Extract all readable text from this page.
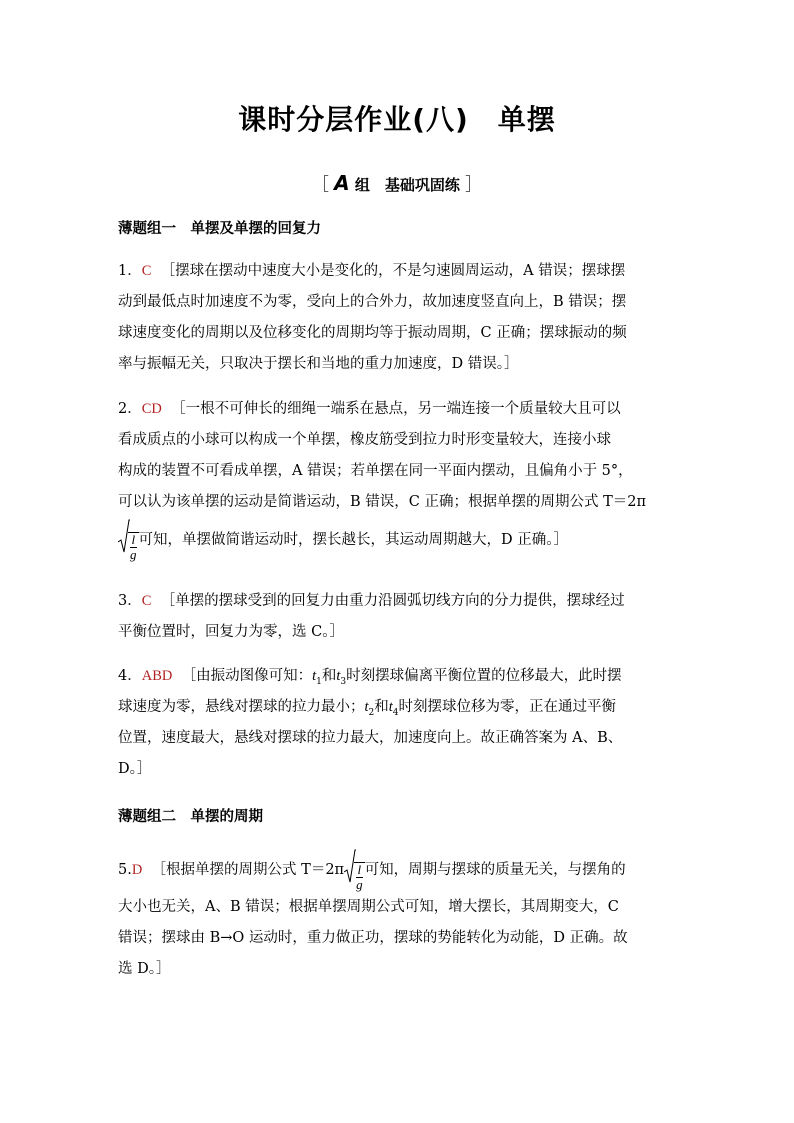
课时分层作业(八)　单摆
［ A 组　基础巩固练 ］
薄题组一　单摆及单摆的回复力
1．C ［摆球在摆动中速度大小是变化的，不是匀速圆周运动，A 错误；摆球摆
动到最低点时加速度不为零，受向上的合外力，故加速度竖直向上，B 错误；摆
球速度变化的周期以及位移变化的周期均等于振动周期，C 正确；摆球振动的频
率与振幅无关，只取决于摆长和当地的重力加速度，D 错误。］
2．CD ［一根不可伸长的细绳一端系在悬点，另一端连接一个质量较大且可以
看成质点的小球可以构成一个单摆，橡皮筋受到拉力时形变量较大，连接小球
构成的装置不可看成单摆，A 错误；若单摆在同一平面内摆动，且偏角小于 5°，
可以认为该单摆的运动是简谐运动，B 错误，C 正确；根据单摆的周期公式 T＝2π
$\frac{l}{g}$ 可知，单摆做简谐运动时，摆长越长，其运动周期越大，D 正确。］
3．C ［单摆的摆球受到的回复力由重力沿圆弧切线方向的分力提供，摆球经过
平衡位置时，回复力为零，选 C。］
4．ABD ［由振动图像可知：$t_1$和$t_3$时刻摆球偏离平衡位置的位移最大，此时摆
球速度为零，悬线对摆球的拉力最小；$t_2$和$t_4$时刻摆球位移为零，正在通过平衡
位置，速度最大，悬线对摆球的拉力最大，加速度向上。故正确答案为 A、B、
D。］
薄题组二　单摆的周期
5.D ［根据单摆的周期公式 $T=2\pi \frac{l}{g}$ 可知，周期与摆球的质量无关，与摆角的
大小也无关，A、B 错误；根据单摆周期公式可知，增大摆长，其周期变大，C
错误；摆球由 B→O 运动时，重力做正功，摆球的势能转化为动能，D 正确。故
选 D。］
